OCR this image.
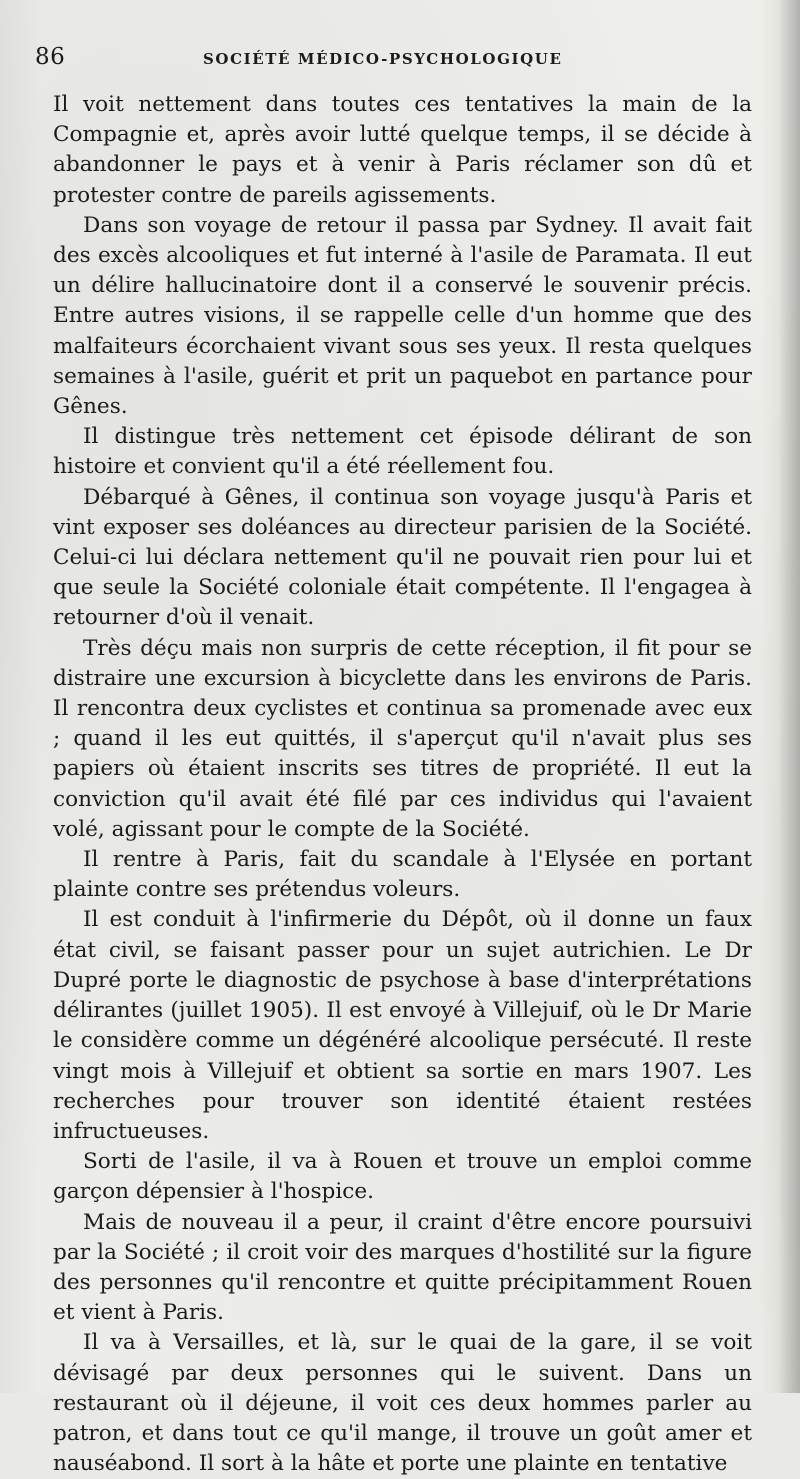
86	SOCIÉTÉ MÉDICO-PSYCHOLOGIQUE

Il voit nettement dans toutes ces tentatives la main de la Compagnie et, après avoir lutté quelque temps, il se décide à abandonner le pays et à venir à Paris réclamer son dû et protester contre de pareils agissements.

Dans son voyage de retour il passa par Sydney. Il avait fait des excès alcooliques et fut interné à l'asile de Paramata. Il eut un délire hallucinatoire dont il a conservé le souvenir précis. Entre autres visions, il se rappelle celle d'un homme que des malfaiteurs écorchaient vivant sous ses yeux. Il resta quelques semaines à l'asile, guérit et prit un paquebot en partance pour Gênes.

Il distingue très nettement cet épisode délirant de son histoire et convient qu'il a été réellement fou.

Débarqué à Gênes, il continua son voyage jusqu'à Paris et vint exposer ses doléances au directeur parisien de la Société. Celui-ci lui déclara nettement qu'il ne pouvait rien pour lui et que seule la Société coloniale était compétente. Il l'engagea à retourner d'où il venait.

Très déçu mais non surpris de cette réception, il fit pour se distraire une excursion à bicyclette dans les environs de Paris. Il rencontra deux cyclistes et continua sa promenade avec eux ; quand il les eut quittés, il s'aperçut qu'il n'avait plus ses papiers où étaient inscrits ses titres de propriété. Il eut la conviction qu'il avait été filé par ces individus qui l'avaient volé, agissant pour le compte de la Société.

Il rentre à Paris, fait du scandale à l'Elysée en portant plainte contre ses prétendus voleurs.

Il est conduit à l'infirmerie du Dépôt, où il donne un faux état civil, se faisant passer pour un sujet autrichien. Le Dr Dupré porte le diagnostic de psychose à base d'interprétations délirantes (juillet 1905). Il est envoyé à Villejuif, où le Dr Marie le considère comme un dégénéré alcoolique persécuté. Il reste vingt mois à Villejuif et obtient sa sortie en mars 1907. Les recherches pour trouver son identité étaient restées infructueuses.

Sorti de l'asile, il va à Rouen et trouve un emploi comme garçon dépensier à l'hospice.

Mais de nouveau il a peur, il craint d'être encore poursuivi par la Société ; il croit voir des marques d'hostilité sur la figure des personnes qu'il rencontre et quitte précipitamment Rouen et vient à Paris.

Il va à Versailles, et là, sur le quai de la gare, il se voit dévisagé par deux personnes qui le suivent. Dans un restaurant où il déjeune, il voit ces deux hommes parler au patron, et dans tout ce qu'il mange, il trouve un goût amer et nauséabond. Il sort à la hâte et porte une plainte en tentative
